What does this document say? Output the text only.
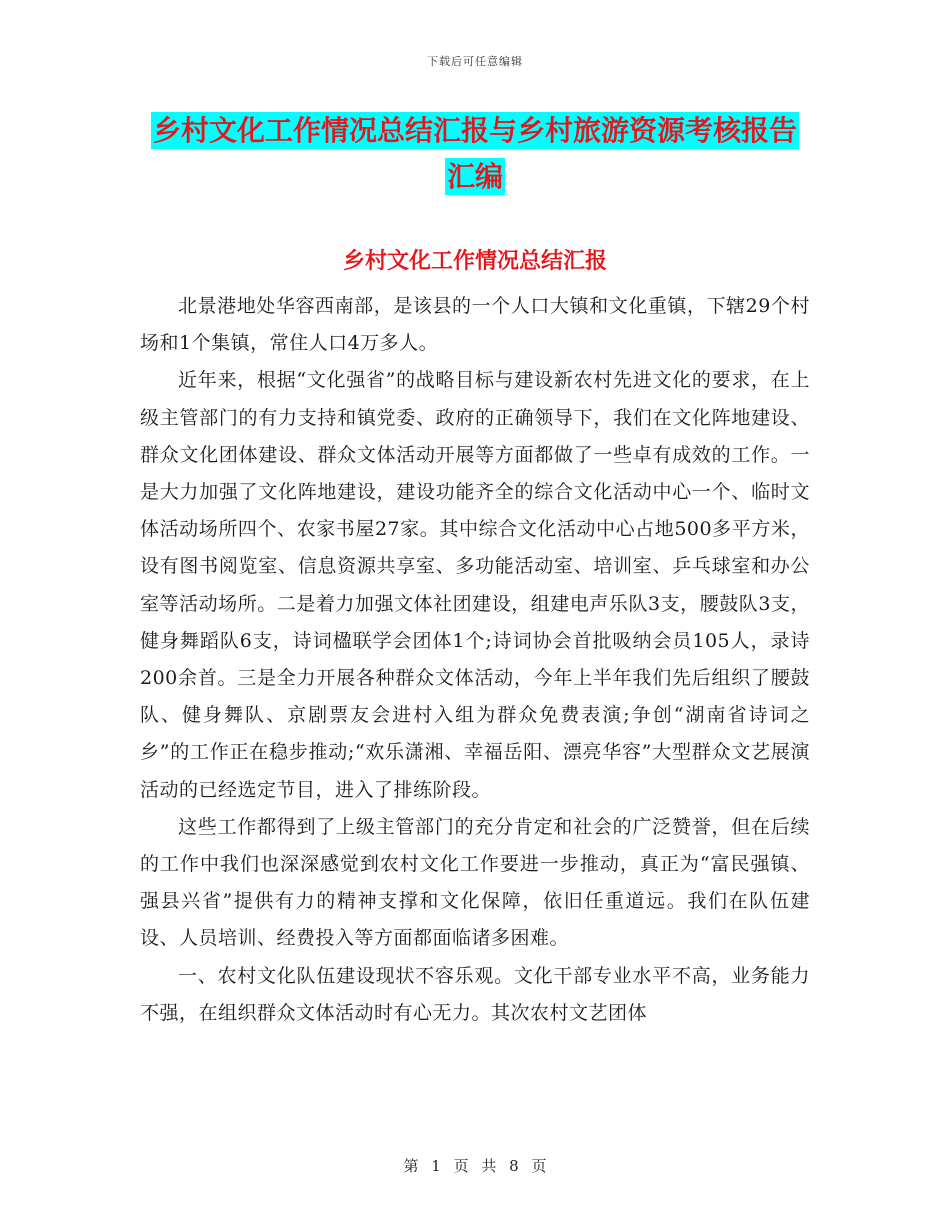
下载后可任意编辑
乡村文化工作情况总结汇报与乡村旅游资源考核报告
汇编
乡村文化工作情况总结汇报

北景港地处华容西南部，是该县的一个人口大镇和文化重镇，下辖29个村场和1个集镇，常住人口4万多人。

近年来，根据“文化强省”的战略目标与建设新农村先进文化的要求，在上级主管部门的有力支持和镇党委、政府的正确领导下，我们在文化阵地建设、群众文化团体建设、群众文体活动开展等方面都做了一些卓有成效的工作。一是大力加强了文化阵地建设，建设功能齐全的综合文化活动中心一个、临时文体活动场所四个、农家书屋27家。其中综合文化活动中心占地500多平方米，设有图书阅览室、信息资源共享室、多功能活动室、培训室、乒乓球室和办公室等活动场所。二是着力加强文体社团建设，组建电声乐队3支，腰鼓队3支，健身舞蹈队6支，诗词楹联学会团体1个;诗词协会首批吸纳会员105人，录诗200余首。三是全力开展各种群众文体活动，今年上半年我们先后组织了腰鼓队、健身舞队、京剧票友会进村入组为群众免费表演;争创“湖南省诗词之乡”的工作正在稳步推动;“欢乐潇湘、幸福岳阳、漂亮华容”大型群众文艺展演活动的已经选定节目，进入了排练阶段。

这些工作都得到了上级主管部门的充分肯定和社会的广泛赞誉，但在后续的工作中我们也深深感觉到农村文化工作要进一步推动，真正为“富民强镇、强县兴省”提供有力的精神支撑和文化保障，依旧任重道远。我们在队伍建设、人员培训、经费投入等方面都面临诸多困难。

一、农村文化队伍建设现状不容乐观。文化干部专业水平不高，业务能力不强，在组织群众文体活动时有心无力。其次农村文艺团体

第 1 页 共 8 页
